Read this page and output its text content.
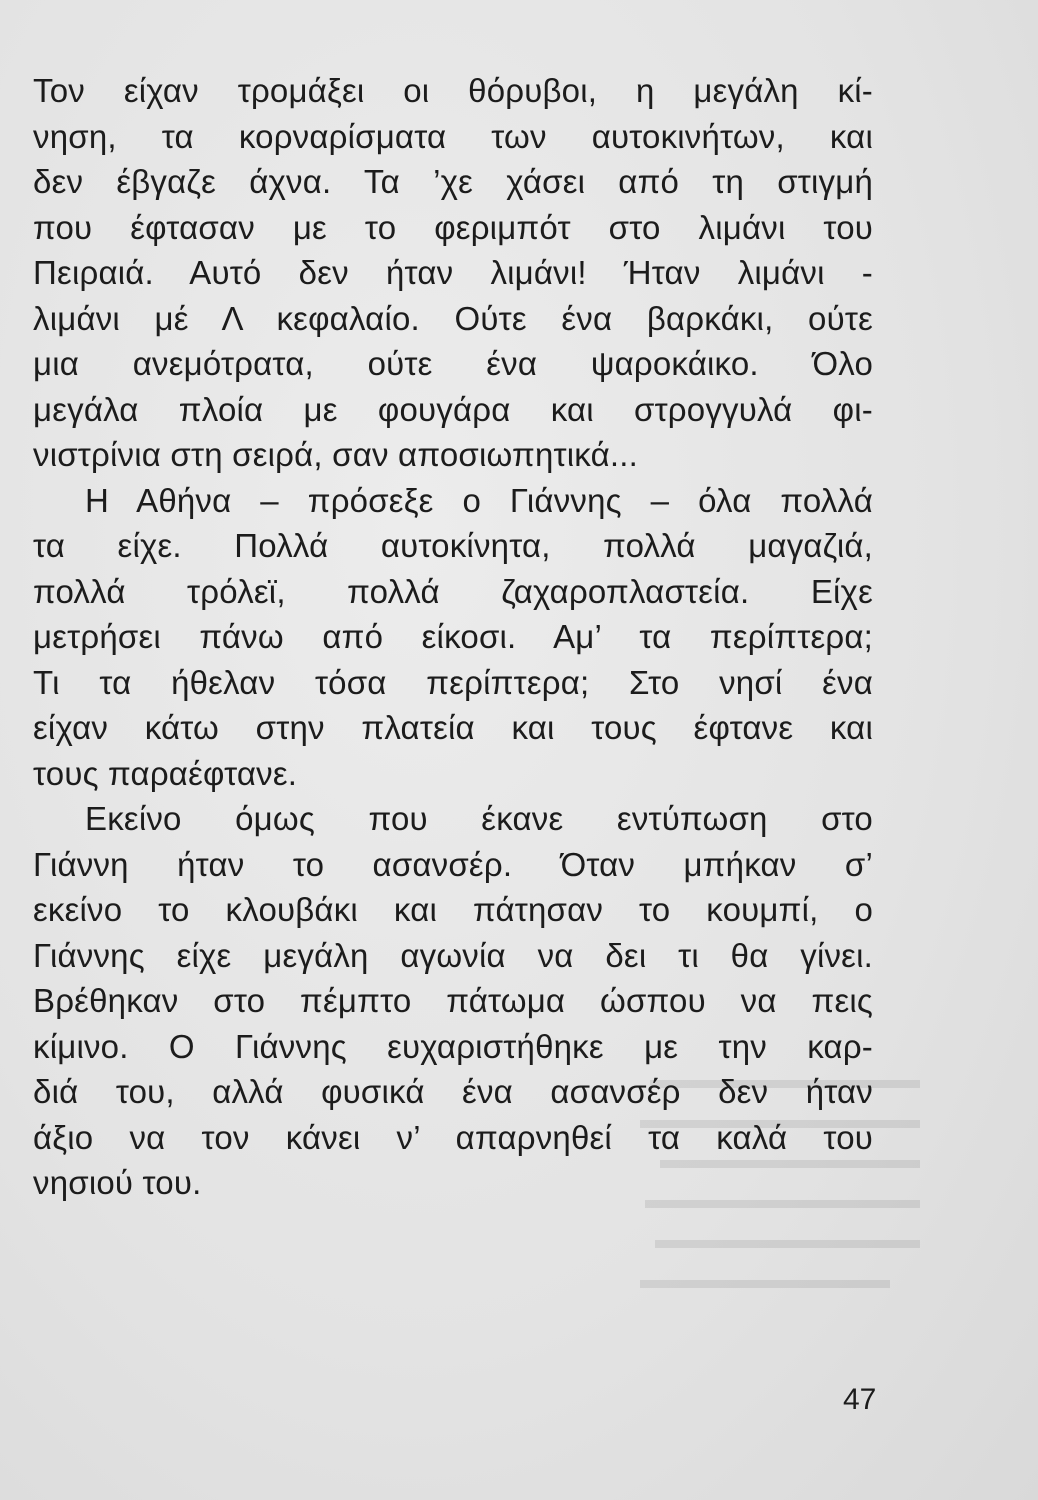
Τον είχαν τρομάξει οι θόρυβοι, η μεγάλη κί-
νηση, τα κορναρίσματα των αυτοκινήτων, και
δεν έβγαζε άχνα. Τα ’χε χάσει από τη στιγμή
που έφτασαν με το φεριμπότ στο λιμάνι του
Πειραιά. Αυτό δεν ήταν λιμάνι! Ήταν λιμάνι -
λιμάνι μέ Λ κεφαλαίο. Ούτε ένα βαρκάκι, ούτε
μια ανεμότρατα, ούτε ένα ψαροκάικο. Όλο
μεγάλα πλοία με φουγάρα και στρογγυλά φι-
νιστρίνια στη σειρά, σαν αποσιωπητικά...
Η Αθήνα – πρόσεξε ο Γιάννης – όλα πολλά
τα είχε. Πολλά αυτοκίνητα, πολλά μαγαζιά,
πολλά τρόλεϊ, πολλά ζαχαροπλαστεία. Είχε
μετρήσει πάνω από είκοσι. Αμ’ τα περίπτερα;
Τι τα ήθελαν τόσα περίπτερα; Στο νησί ένα
είχαν κάτω στην πλατεία και τους έφτανε και
τους παραέφτανε.
Εκείνο όμως που έκανε εντύπωση στο
Γιάννη ήταν το ασανσέρ. Όταν μπήκαν σ’
εκείνο το κλουβάκι και πάτησαν το κουμπί, ο
Γιάννης είχε μεγάλη αγωνία να δει τι θα γίνει.
Βρέθηκαν στο πέμπτο πάτωμα ώσπου να πεις
κίμινο. Ο Γιάννης ευχαριστήθηκε με την καρ-
διά του, αλλά φυσικά ένα ασανσέρ δεν ήταν
άξιο να τον κάνει ν’ απαρνηθεί τα καλά του
νησιού του.
47
